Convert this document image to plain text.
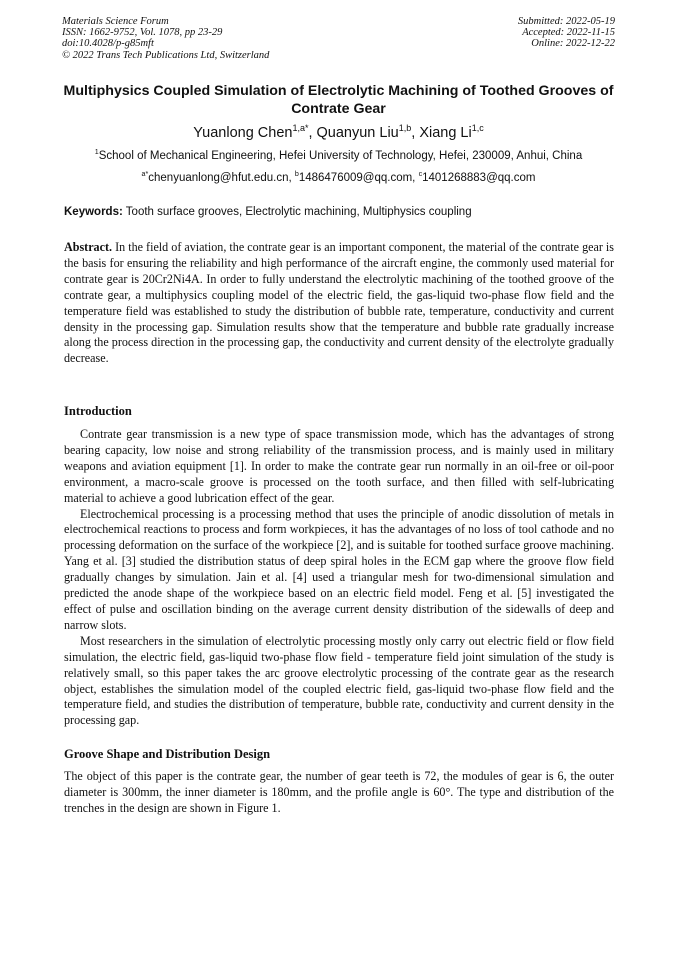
Materials Science Forum
ISSN: 1662-9752, Vol. 1078, pp 23-29
doi:10.4028/p-g85mft
© 2022 Trans Tech Publications Ltd, Switzerland
Submitted: 2022-05-19
Accepted: 2022-11-15
Online: 2022-12-22
Multiphysics Coupled Simulation of Electrolytic Machining of Toothed Grooves of Contrate Gear
Yuanlong Chen$^{1,a*}$, Quanyun Liu$^{1,b}$, Xiang Li$^{1,c}$
$^1$School of Mechanical Engineering, Hefei University of Technology, Hefei, 230009, Anhui, China
$^{a*}$chenyuanlong@hfut.edu.cn, $^b$1486476009@qq.com, $^c$1401268883@qq.com
Keywords: Tooth surface grooves, Electrolytic machining, Multiphysics coupling

Abstract. In the field of aviation, the contrate gear is an important component, the material of the contrate gear is the basis for ensuring the reliability and high performance of the aircraft engine, the commonly used material for contrate gear is 20Cr2Ni4A. In order to fully understand the electrolytic machining of the toothed groove of the contrate gear, a multiphysics coupling model of the electric field, the gas-liquid two-phase flow field and the temperature field was established to study the distribution of bubble rate, temperature, conductivity and current density in the processing gap. Simulation results show that the temperature and bubble rate gradually increase along the process direction in the processing gap, the conductivity and current density of the electrolyte gradually decrease.

Introduction

Contrate gear transmission is a new type of space transmission mode, which has the advantages of strong bearing capacity, low noise and strong reliability of the transmission process, and is mainly used in military weapons and aviation equipment [1]. In order to make the contrate gear run normally in an oil-free or oil-poor environment, a macro-scale groove is processed on the tooth surface, and then filled with self-lubricating material to achieve a good lubrication effect of the gear.

Electrochemical processing is a processing method that uses the principle of anodic dissolution of metals in electrochemical reactions to process and form workpieces, it has the advantages of no loss of tool cathode and no processing deformation on the surface of the workpiece [2], and is suitable for toothed surface groove machining. Yang et al. [3] studied the distribution status of deep spiral holes in the ECM gap where the groove flow field gradually changes by simulation. Jain et al. [4] used a triangular mesh for two-dimensional simulation and predicted the anode shape of the workpiece based on an electric field model. Feng et al. [5] investigated the effect of pulse and oscillation binding on the average current density distribution of the sidewalls of deep and narrow slots.

Most researchers in the simulation of electrolytic processing mostly only carry out electric field or flow field simulation, the electric field, gas-liquid two-phase flow field - temperature field joint simulation of the study is relatively small, so this paper takes the arc groove electrolytic processing of the contrate gear as the research object, establishes the simulation model of the coupled electric field, gas-liquid two-phase flow field and the temperature field, and studies the distribution of temperature, bubble rate, conductivity and current density in the processing gap.

Groove Shape and Distribution Design

The object of this paper is the contrate gear, the number of gear teeth is 72, the modules of gear is 6, the outer diameter is 300mm, the inner diameter is 180mm, and the profile angle is 60°. The type and distribution of the trenches in the design are shown in Figure 1.
